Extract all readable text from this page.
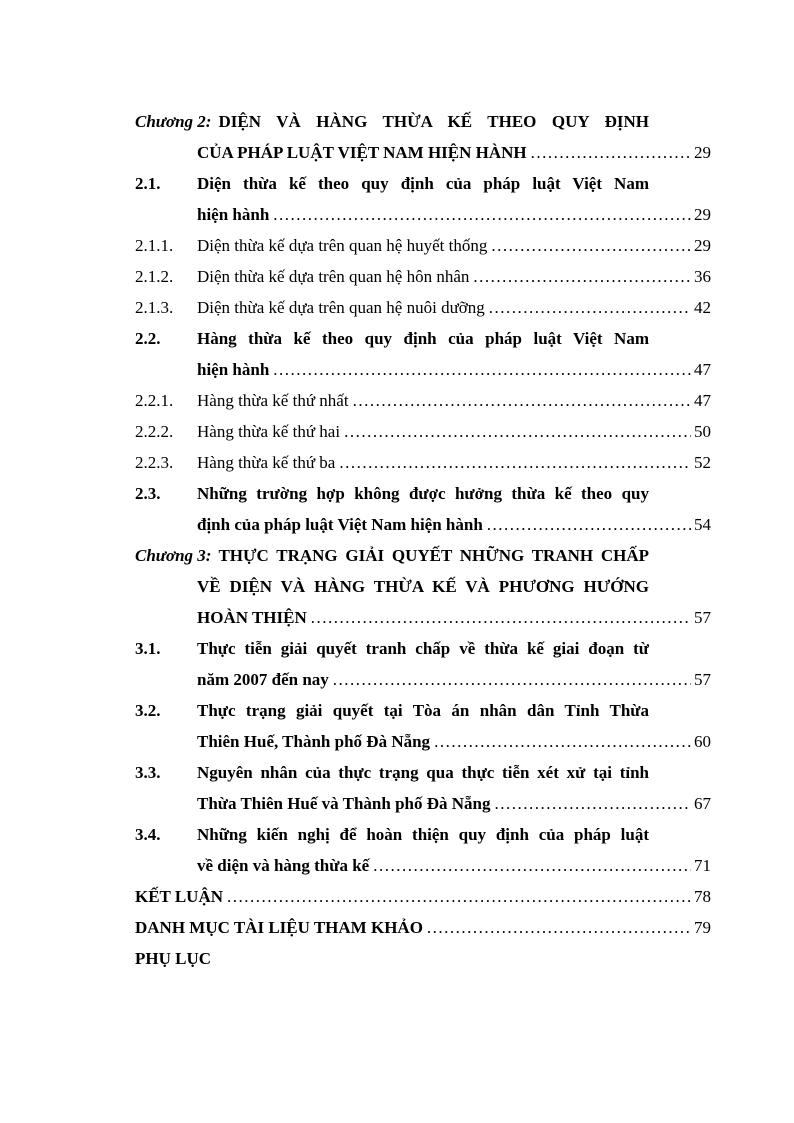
Chương 2: DIỆN VÀ HÀNG THỪA KẾ THEO QUY ĐỊNH
CỦA PHÁP LUẬT VIỆT NAM HIỆN HÀNH .....	29
2.1.	Diện thừa kế theo quy định của pháp luật Việt Nam
hiện hành .....	29
2.1.1.	Diện thừa kế dựa trên quan hệ huyết thống .....	29
2.1.2.	Diện thừa kế dựa trên quan hệ hôn nhân .....	36
2.1.3.	Diện thừa kế dựa trên quan hệ nuôi dưỡng .....	42
2.2.	Hàng thừa kế theo quy định của pháp luật Việt Nam
hiện hành .....	47
2.2.1.	Hàng thừa kế thứ nhất .....	47
2.2.2.	Hàng thừa kế thứ hai .....	50
2.2.3.	Hàng thừa kế thứ ba .....	52
2.3.	Những trường hợp không được hưởng thừa kế theo quy
định của pháp luật Việt Nam hiện hành .....	54
Chương 3: THỰC TRẠNG GIẢI QUYẾT NHỮNG TRANH CHẤP
VỀ DIỆN VÀ HÀNG THỪA KẾ VÀ PHƯƠNG HƯỚNG
HOÀN THIỆN .....	57
3.1.	Thực tiễn giải quyết tranh chấp về thừa kế giai đoạn từ
năm 2007 đến nay .....	57
3.2.	Thực trạng giải quyết tại Tòa án nhân dân Tỉnh Thừa
Thiên Huế, Thành phố Đà Nẵng .....	60
3.3.	Nguyên nhân của thực trạng qua thực tiễn xét xử tại tỉnh
Thừa Thiên Huế và Thành phố Đà Nẵng .....	67
3.4.	Những kiến nghị để hoàn thiện quy định của pháp luật
về diện và hàng thừa kế .....	71
KẾT LUẬN .....	78
DANH MỤC TÀI LIỆU THAM KHẢO .....	79
PHỤ LỤC
